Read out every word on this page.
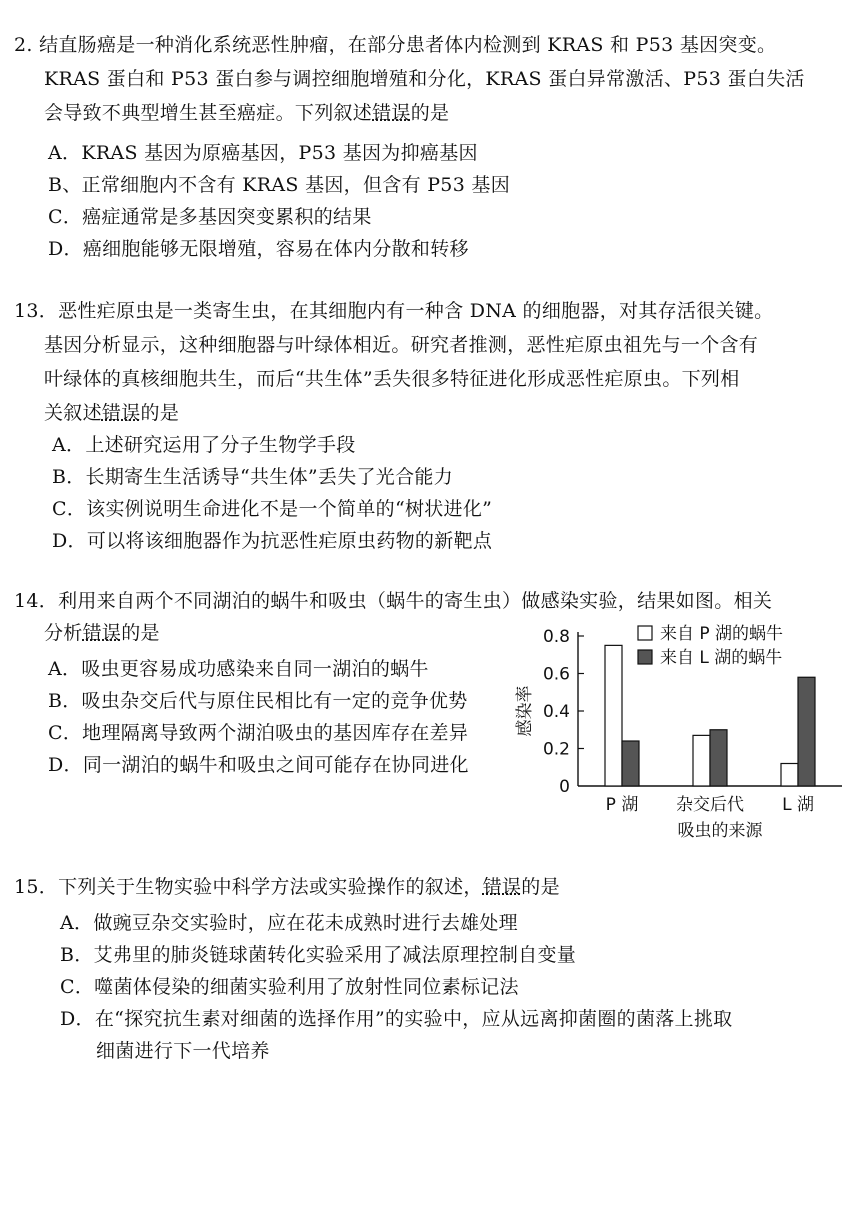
2. 结直肠癌是一种消化系统恶性肿瘤，在部分患者体内检测到 KRAS 和 P53 基因突变。
KRAS 蛋白和 P53 蛋白参与调控细胞增殖和分化，KRAS 蛋白异常激活、P53 蛋白失活
会导致不典型增生甚至癌症。下列叙述错误的是
A．KRAS 基因为原癌基因，P53 基因为抑癌基因
B、正常细胞内不含有 KRAS 基因，但含有 P53 基因
C．癌症通常是多基因突变累积的结果
D．癌细胞能够无限增殖，容易在体内分散和转移
13．恶性疟原虫是一类寄生虫，在其细胞内有一种含 DNA 的细胞器，对其存活很关键。
基因分析显示，这种细胞器与叶绿体相近。研究者推测，恶性疟原虫祖先与一个含有
叶绿体的真核细胞共生，而后“共生体”丢失很多特征进化形成恶性疟原虫。下列相
关叙述错误的是
A．上述研究运用了分子生物学手段
B．长期寄生生活诱导“共生体”丢失了光合能力
C．该实例说明生命进化不是一个简单的“树状进化”
D．可以将该细胞器作为抗恶性疟原虫药物的新靶点
14．利用来自两个不同湖泊的蜗牛和吸虫（蜗牛的寄生虫）做感染实验，结果如图。相关
分析错误的是
A．吸虫更容易成功感染来自同一湖泊的蜗牛
B．吸虫杂交后代与原住民相比有一定的竞争优势
C．地理隔离导致两个湖泊吸虫的基因库存在差异
D．同一湖泊的蜗牛和吸虫之间可能存在协同进化
0
0.2
0.4
0.6
0.8
感染率
P 湖 杂交后代 L 湖
吸虫的来源
来自 P 湖的蜗牛
来自 L 湖的蜗牛
15．下列关于生物实验中科学方法或实验操作的叙述，错误的是
A．做豌豆杂交实验时，应在花未成熟时进行去雄处理
B．艾弗里的肺炎链球菌转化实验采用了减法原理控制自变量
C．噬菌体侵染的细菌实验利用了放射性同位素标记法
D．在“探究抗生素对细菌的选择作用”的实验中，应从远离抑菌圈的菌落上挑取
细菌进行下一代培养
